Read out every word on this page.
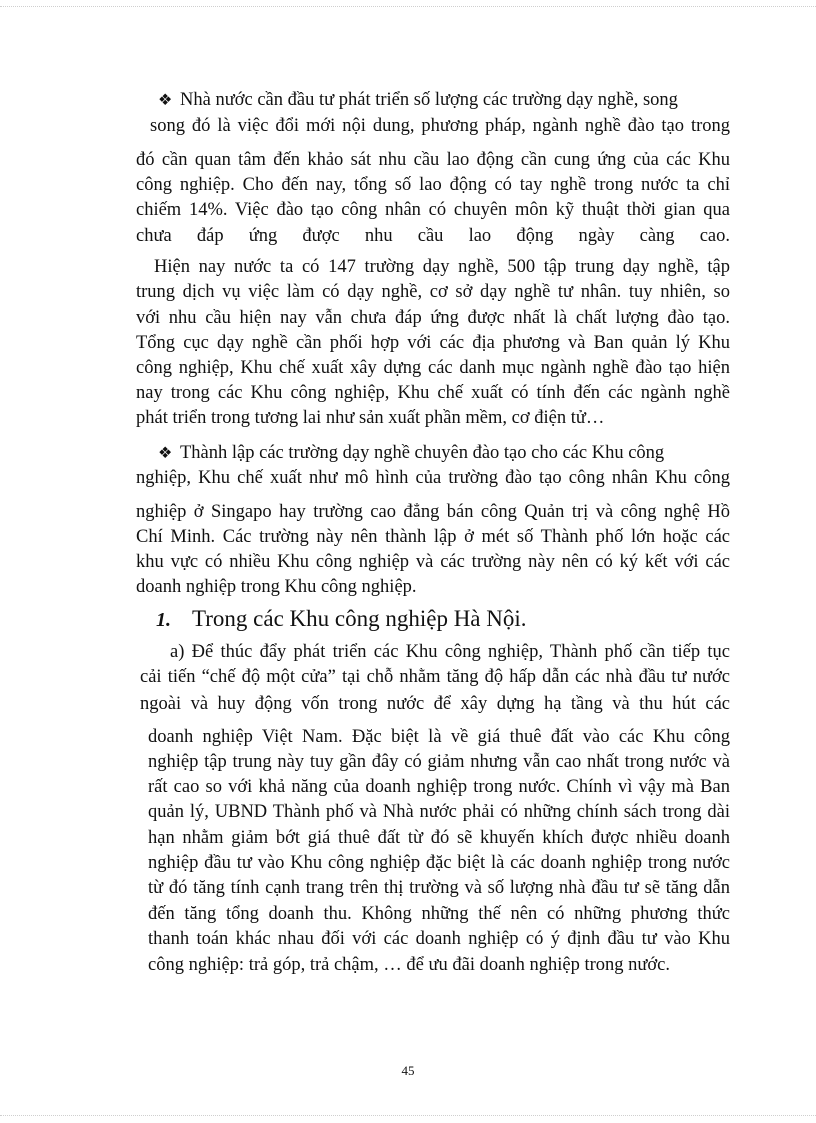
❖ Nhà nước cần đầu tư phát triển số lượng các trường dạy nghề, song
song đó là việc đổi mới nội dung, phương pháp, ngành nghề đào tạo trong
đó cần quan tâm đến khảo sát nhu cầu lao động cần cung ứng của các Khu
công nghiệp. Cho đến nay, tổng số lao động có tay nghề trong nước ta chỉ
chiếm 14%. Việc đào tạo công nhân có chuyên môn kỹ thuật thời gian qua
chưa đáp ứng được nhu cầu lao động ngày càng cao.
Hiện nay nước ta có 147 trường dạy nghề, 500 tập trung dạy nghề, tập
trung dịch vụ việc làm có dạy nghề, cơ sở dạy nghề tư nhân. tuy nhiên, so
với nhu cầu hiện nay vẫn chưa đáp ứng được nhất là chất lượng đào tạo.
Tổng cục dạy nghề cần phối hợp với các địa phương và Ban quản lý Khu
công nghiệp, Khu chế xuất xây dựng các danh mục ngành nghề đào tạo hiện
nay trong các Khu công nghiệp, Khu chế xuất có tính đến các ngành nghề
phát triển trong tương lai như sản xuất phần mềm, cơ điện tử…
❖ Thành lập các trường dạy nghề chuyên đào tạo cho các Khu công
nghiệp, Khu chế xuất như mô hình của trường đào tạo công nhân Khu công
nghiệp ở Singapo hay trường cao đẳng bán công Quản trị và công nghệ Hồ
Chí Minh. Các trường này nên thành lập ở mét số Thành phố lớn hoặc các
khu vực có nhiều Khu công nghiệp và các trường này nên có ký kết với các
doanh nghiệp trong Khu công nghiệp.
1. Trong các Khu công nghiệp Hà Nội.
a) Để thúc đẩy phát triển các Khu công nghiệp, Thành phố cần tiếp tục
cải tiến “chế độ một cửa” tại chỗ nhằm tăng độ hấp dẫn các nhà đầu tư nước
ngoài và huy động vốn trong nước để xây dựng hạ tầng và thu hút các
doanh nghiệp Việt Nam. Đặc biệt là về giá thuê đất vào các Khu công
nghiệp tập trung này tuy gần đây có giảm nhưng vẫn cao nhất trong nước và
rất cao so với khả năng của doanh nghiệp trong nước. Chính vì vậy mà Ban
quản lý, UBND Thành phố và Nhà nước phải có những chính sách trong dài
hạn nhằm giảm bớt giá thuê đất từ đó sẽ khuyến khích được nhiều doanh
nghiệp đầu tư vào Khu công nghiệp đặc biệt là các doanh nghiệp trong nước
từ đó tăng tính cạnh trang trên thị trường và số lượng nhà đầu tư sẽ tăng dẫn
đến tăng tổng doanh thu. Không những thế nên có những phương thức
thanh toán khác nhau đối với các doanh nghiệp có ý định đầu tư vào Khu
công nghiệp: trả góp, trả chậm, … để ưu đãi doanh nghiệp trong nước.
45
